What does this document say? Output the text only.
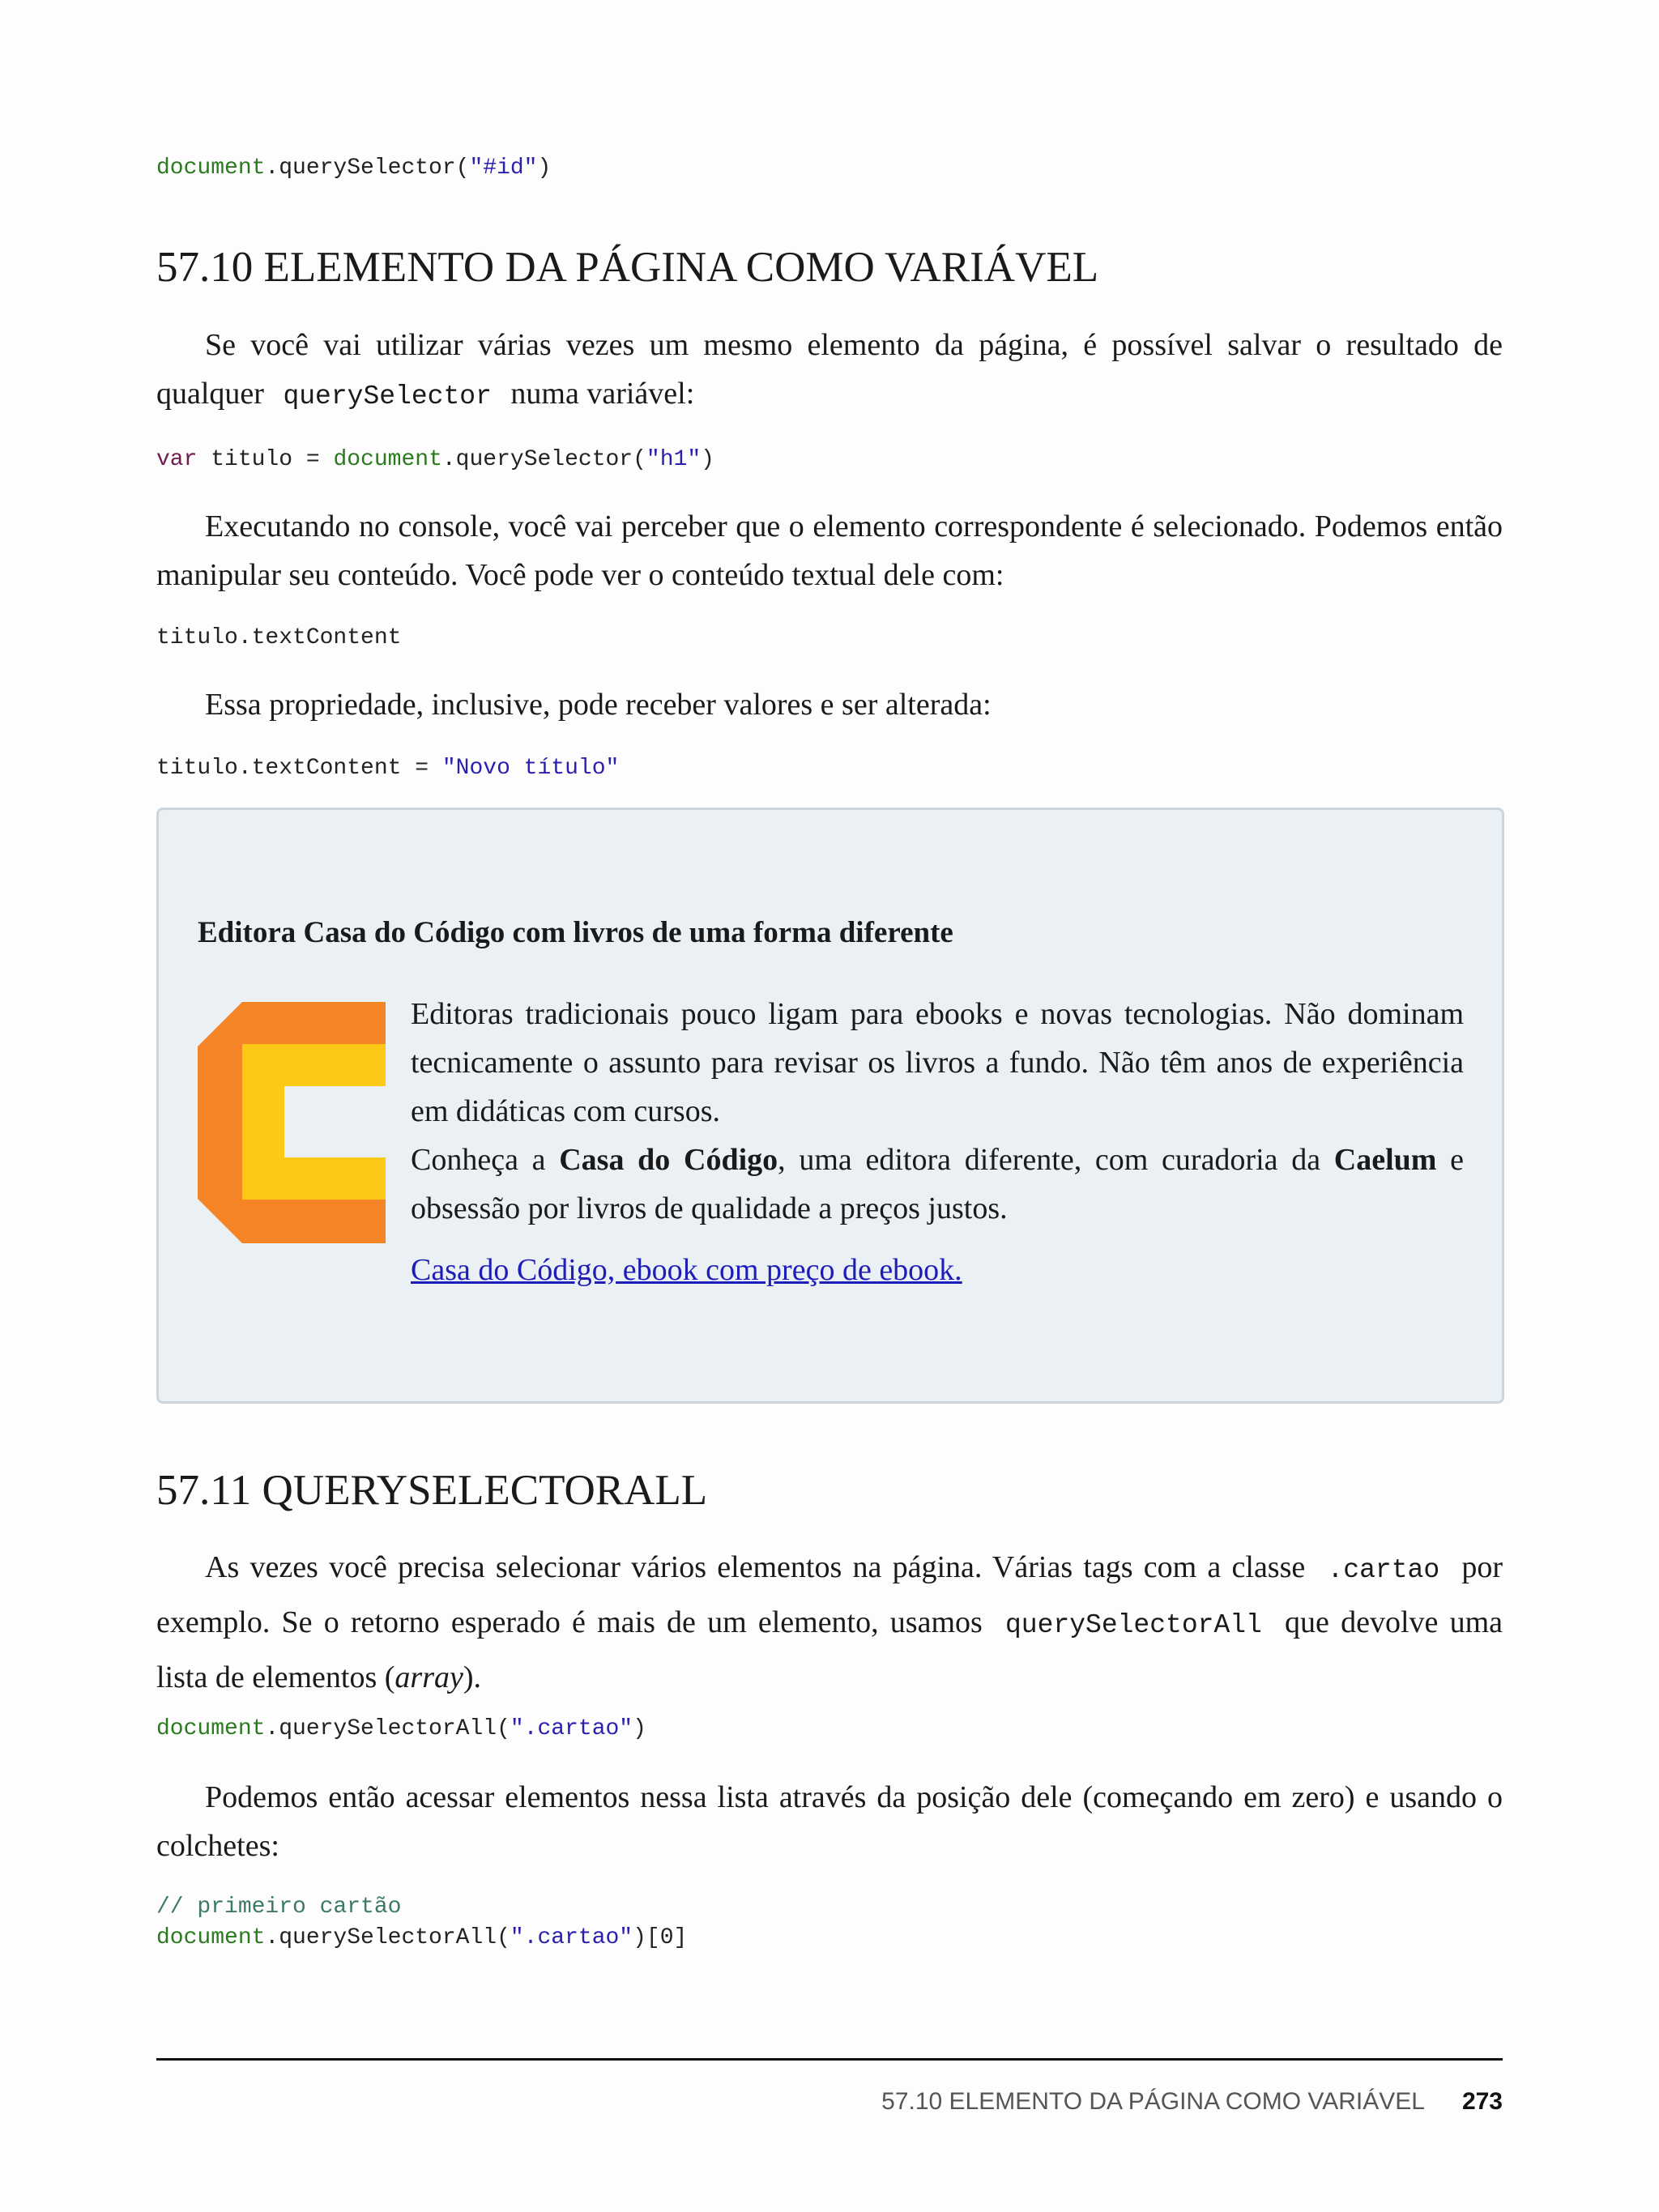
document.querySelector("#id")
57.10 ELEMENTO DA PÁGINA COMO VARIÁVEL

Se você vai utilizar várias vezes um mesmo elemento da página, é possível salvar o resultado de qualquer querySelector numa variável:

var titulo = document.querySelector("h1")

Executando no console, você vai perceber que o elemento correspondente é selecionado. Podemos então manipular seu conteúdo. Você pode ver o conteúdo textual dele com:

titulo.textContent

Essa propriedade, inclusive, pode receber valores e ser alterada:

titulo.textContent = "Novo título"
Editora Casa do Código com livros de uma forma diferente
Editoras tradicionais pouco ligam para ebooks e novas tecnologias. Não dominam tecnicamente o assunto para revisar os livros a fundo. Não têm anos de experiência em didáticas com cursos.
Conheça a Casa do Código, uma editora diferente, com curadoria da Caelum e obsessão por livros de qualidade a preços justos.
Casa do Código, ebook com preço de ebook.
57.11 QUERYSELECTORALL

As vezes você precisa selecionar vários elementos na página. Várias tags com a classe .cartao por exemplo. Se o retorno esperado é mais de um elemento, usamos querySelectorAll que devolve uma lista de elementos (array).

document.querySelectorAll(".cartao")

Podemos então acessar elementos nessa lista através da posição dele (começando em zero) e usando o colchetes:

// primeiro cartão
document.querySelectorAll(".cartao")[0]
57.10 ELEMENTO DA PÁGINA COMO VARIÁVEL 273
